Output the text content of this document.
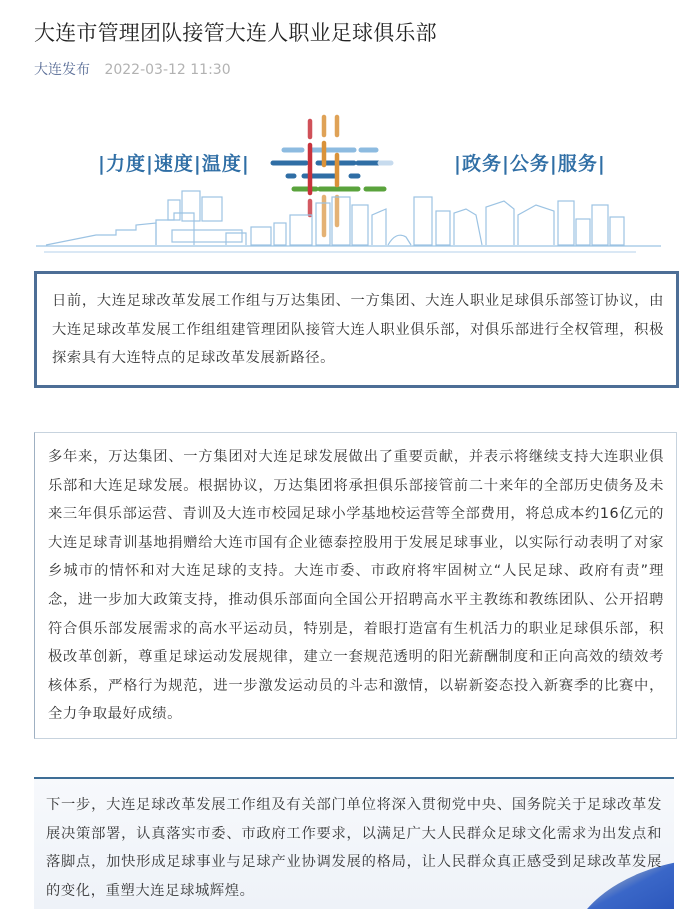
大连市管理团队接管大连人职业足球俱乐部
大连发布 2022-03-12 11:30
|力度|速度|温度|	|政务|公务|服务|

日前，大连足球改革发展工作组与万达集团、一方集团、大连人职业足球俱乐部签订协议，由大连足球改革发展工作组组建管理团队接管大连人职业俱乐部，对俱乐部进行全权管理，积极探索具有大连特点的足球改革发展新路径。

多年来，万达集团、一方集团对大连足球发展做出了重要贡献，并表示将继续支持大连职业俱乐部和大连足球发展。根据协议，万达集团将承担俱乐部接管前二十来年的全部历史债务及未来三年俱乐部运营、青训及大连市校园足球小学基地校运营等全部费用，将总成本约16亿元的大连足球青训基地捐赠给大连市国有企业德泰控股用于发展足球事业，以实际行动表明了对家乡城市的情怀和对大连足球的支持。大连市委、市政府将牢固树立“人民足球、政府有责”理念，进一步加大政策支持，推动俱乐部面向全国公开招聘高水平主教练和教练团队、公开招聘符合俱乐部发展需求的高水平运动员，特别是，着眼打造富有生机活力的职业足球俱乐部，积极改革创新，尊重足球运动发展规律，建立一套规范透明的阳光薪酬制度和正向高效的绩效考核体系，严格行为规范，进一步激发运动员的斗志和激情，以崭新姿态投入新赛季的比赛中，全力争取最好成绩。

下一步，大连足球改革发展工作组及有关部门单位将深入贯彻党中央、国务院关于足球改革发展决策部署，认真落实市委、市政府工作要求，以满足广大人民群众足球文化需求为出发点和落脚点，加快形成足球事业与足球产业协调发展的格局，让人民群众真正感受到足球改革发展的变化，重塑大连足球城辉煌。
